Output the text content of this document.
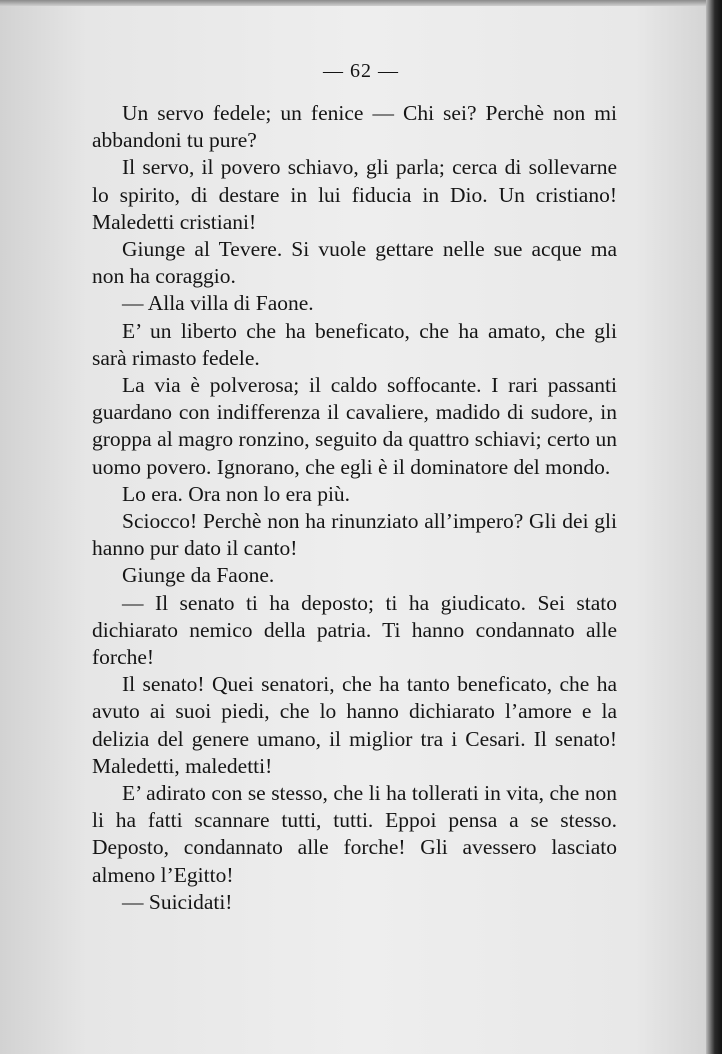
— 62 —

Un servo fedele; un fenice — Chi sei? Perchè non mi abbandoni tu pure?

Il servo, il povero schiavo, gli parla; cerca di sollevarne lo spirito, di destare in lui fiducia in Dio. Un cristiano! Maledetti cristiani!

Giunge al Tevere. Si vuole gettare nelle sue acque ma non ha coraggio.

— Alla villa di Faone.

E’ un liberto che ha beneficato, che ha amato, che gli sarà rimasto fedele.

La via è polverosa; il caldo soffocante. I rari passanti guardano con indifferenza il cavaliere, madido di sudore, in groppa al magro ronzino, seguito da quattro schiavi; certo un uomo povero. Ignorano, che egli è il dominatore del mondo.

Lo era. Ora non lo era più.

Sciocco! Perchè non ha rinunziato all’impero? Gli dei gli hanno pur dato il canto!

Giunge da Faone.

— Il senato ti ha deposto; ti ha giudicato. Sei stato dichiarato nemico della patria. Ti hanno condannato alle forche!

Il senato! Quei senatori, che ha tanto beneficato, che ha avuto ai suoi piedi, che lo hanno dichiarato l’amore e la delizia del genere umano, il miglior tra i Cesari. Il senato! Maledetti, maledetti!

E’ adirato con se stesso, che li ha tollerati in vita, che non li ha fatti scannare tutti, tutti. Eppoi pensa a se stesso. Deposto, condannato alle forche! Gli avessero lasciato almeno l’Egitto!

— Suicidati!
